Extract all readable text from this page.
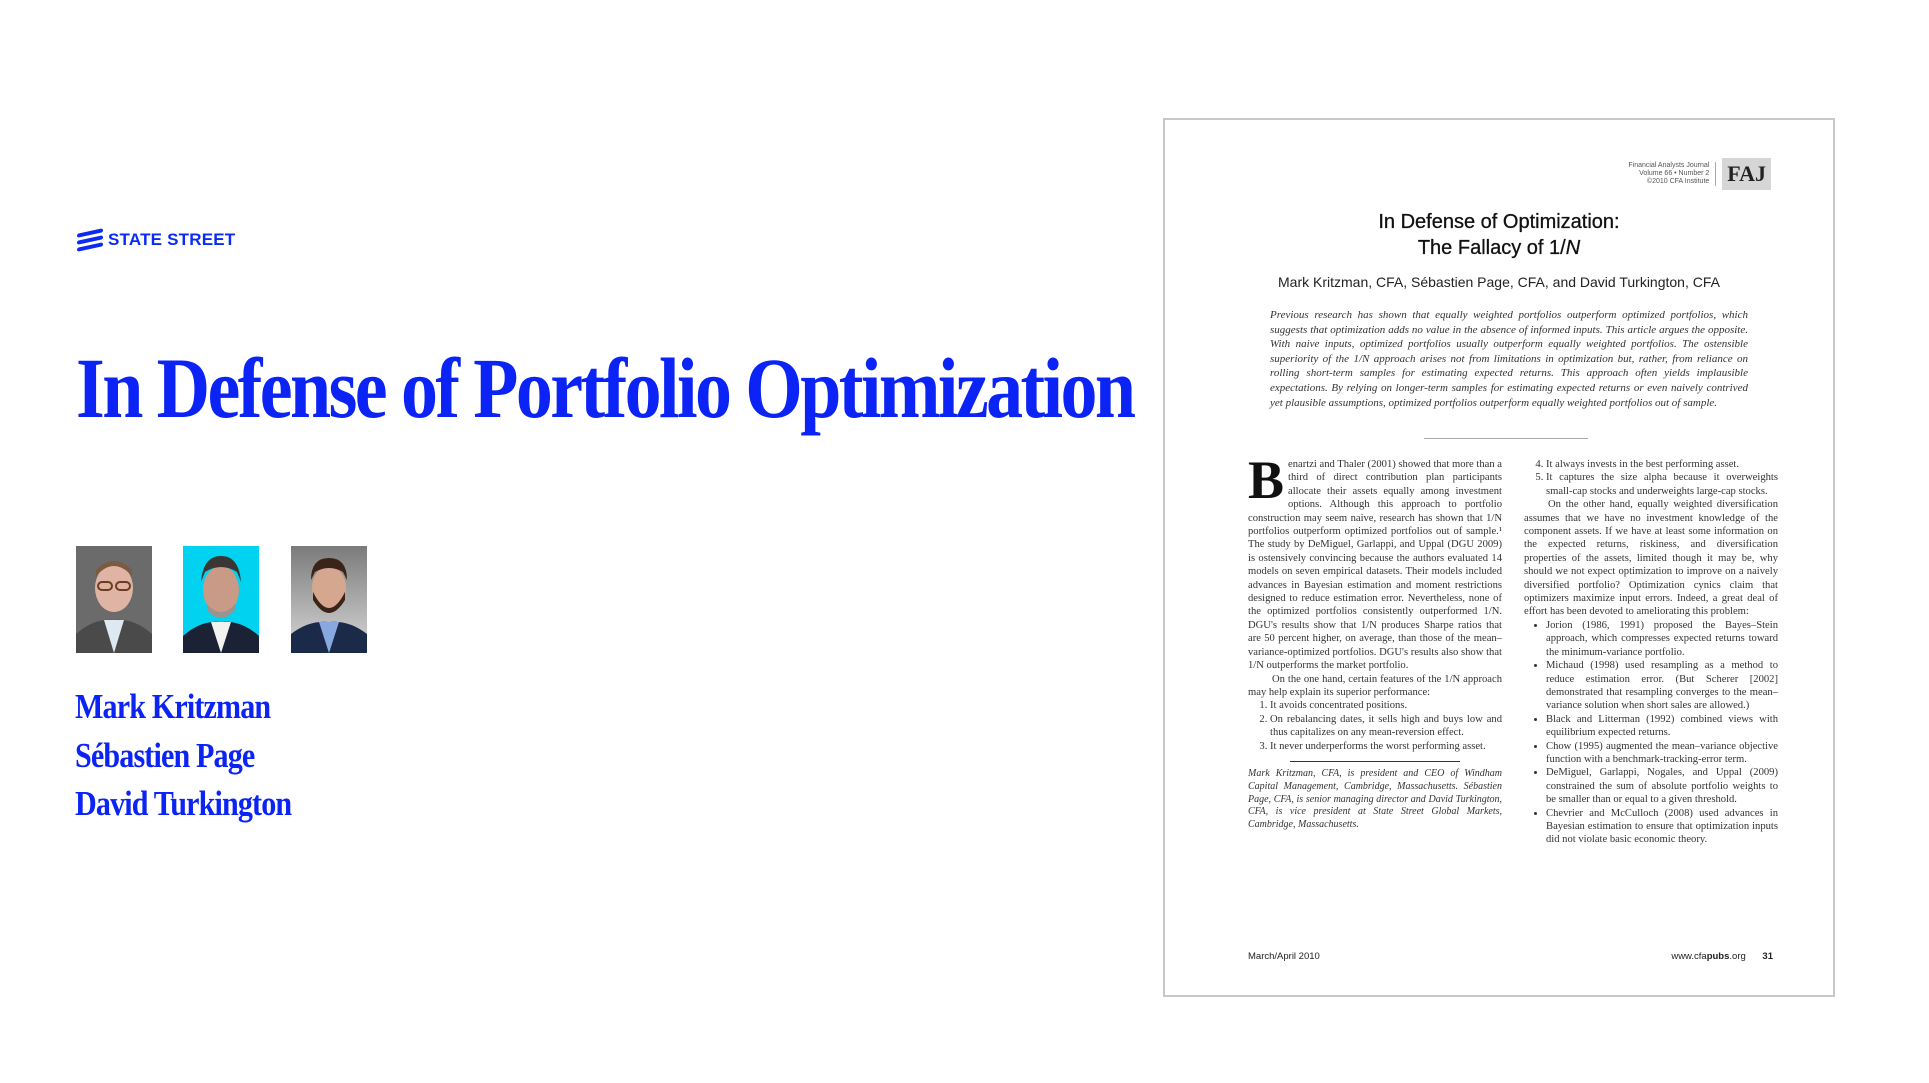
STATE STREET
In Defense of Portfolio Optimization
Mark Kritzman
Sébastien Page
David Turkington
Financial Analysts Journal
Volume 66 • Number 2
©2010 CFA Institute FAJ
In Defense of Optimization:
The Fallacy of 1/N
Mark Kritzman, CFA, Sébastien Page, CFA, and David Turkington, CFA
Previous research has shown that equally weighted portfolios outperform optimized portfolios, which suggests that optimization adds no value in the absence of informed inputs. This article argues the opposite. With naive inputs, optimized portfolios usually outperform equally weighted portfolios. The ostensible superiority of the 1/N approach arises not from limitations in optimization but, rather, from reliance on rolling short-term samples for estimating expected returns. This approach often yields implausible expectations. By relying on longer-term samples for estimating expected returns or even naively contrived yet plausible assumptions, optimized portfolios outperform equally weighted portfolios out of sample.
B enartzi and Thaler (2001) showed that more than a third of direct contribution plan participants allocate their assets equally among investment options. Although this approach to portfolio construction may seem naive, research has shown that 1/N portfolios outperform optimized portfolios out of sample.¹ The study by DeMiguel, Garlappi, and Uppal (DGU 2009) is ostensively convincing because the authors evaluated 14 models on seven empirical datasets. Their models included advances in Bayesian estimation and moment restrictions designed to reduce estimation error. Nevertheless, none of the optimized portfolios consistently outperformed 1/N. DGU's results show that 1/N produces Sharpe ratios that are 50 percent higher, on average, than those of the mean–variance-optimized portfolios. DGU's results also show that 1/N outperforms the market portfolio.

On the one hand, certain features of the 1/N approach may help explain its superior performance:

1. It avoids concentrated positions.
2. On rebalancing dates, it sells high and buys low and thus capitalizes on any mean-reversion effect.
3. It never underperforms the worst performing asset.

Mark Kritzman, CFA, is president and CEO of Windham Capital Management, Cambridge, Massachusetts. Sébastien Page, CFA, is senior managing director and David Turkington, CFA, is vice president at State Street Global Markets, Cambridge, Massachusetts.

4. It always invests in the best performing asset.
5. It captures the size alpha because it overweights small-cap stocks and underweights large-cap stocks.

On the other hand, equally weighted diversification assumes that we have no investment knowledge of the component assets. If we have at least some information on the expected returns, riskiness, and diversification properties of the assets, limited though it may be, why should we not expect optimization to improve on a naively diversified portfolio? Optimization cynics claim that optimizers maximize input errors. Indeed, a great deal of effort has been devoted to ameliorating this problem:

• Jorion (1986, 1991) proposed the Bayes–Stein approach, which compresses expected returns toward the minimum-variance portfolio.
• Michaud (1998) used resampling as a method to reduce estimation error. (But Scherer [2002] demonstrated that resampling converges to the mean–variance solution when short sales are allowed.)
• Black and Litterman (1992) combined views with equilibrium expected returns.
• Chow (1995) augmented the mean–variance objective function with a benchmark-tracking-error term.
• DeMiguel, Garlappi, Nogales, and Uppal (2009) constrained the sum of absolute portfolio weights to be smaller than or equal to a given threshold.
• Chevrier and McCulloch (2008) used advances in Bayesian estimation to ensure that optimization inputs did not violate basic economic theory.
March/April 2010	www.cfapubs.org 31
